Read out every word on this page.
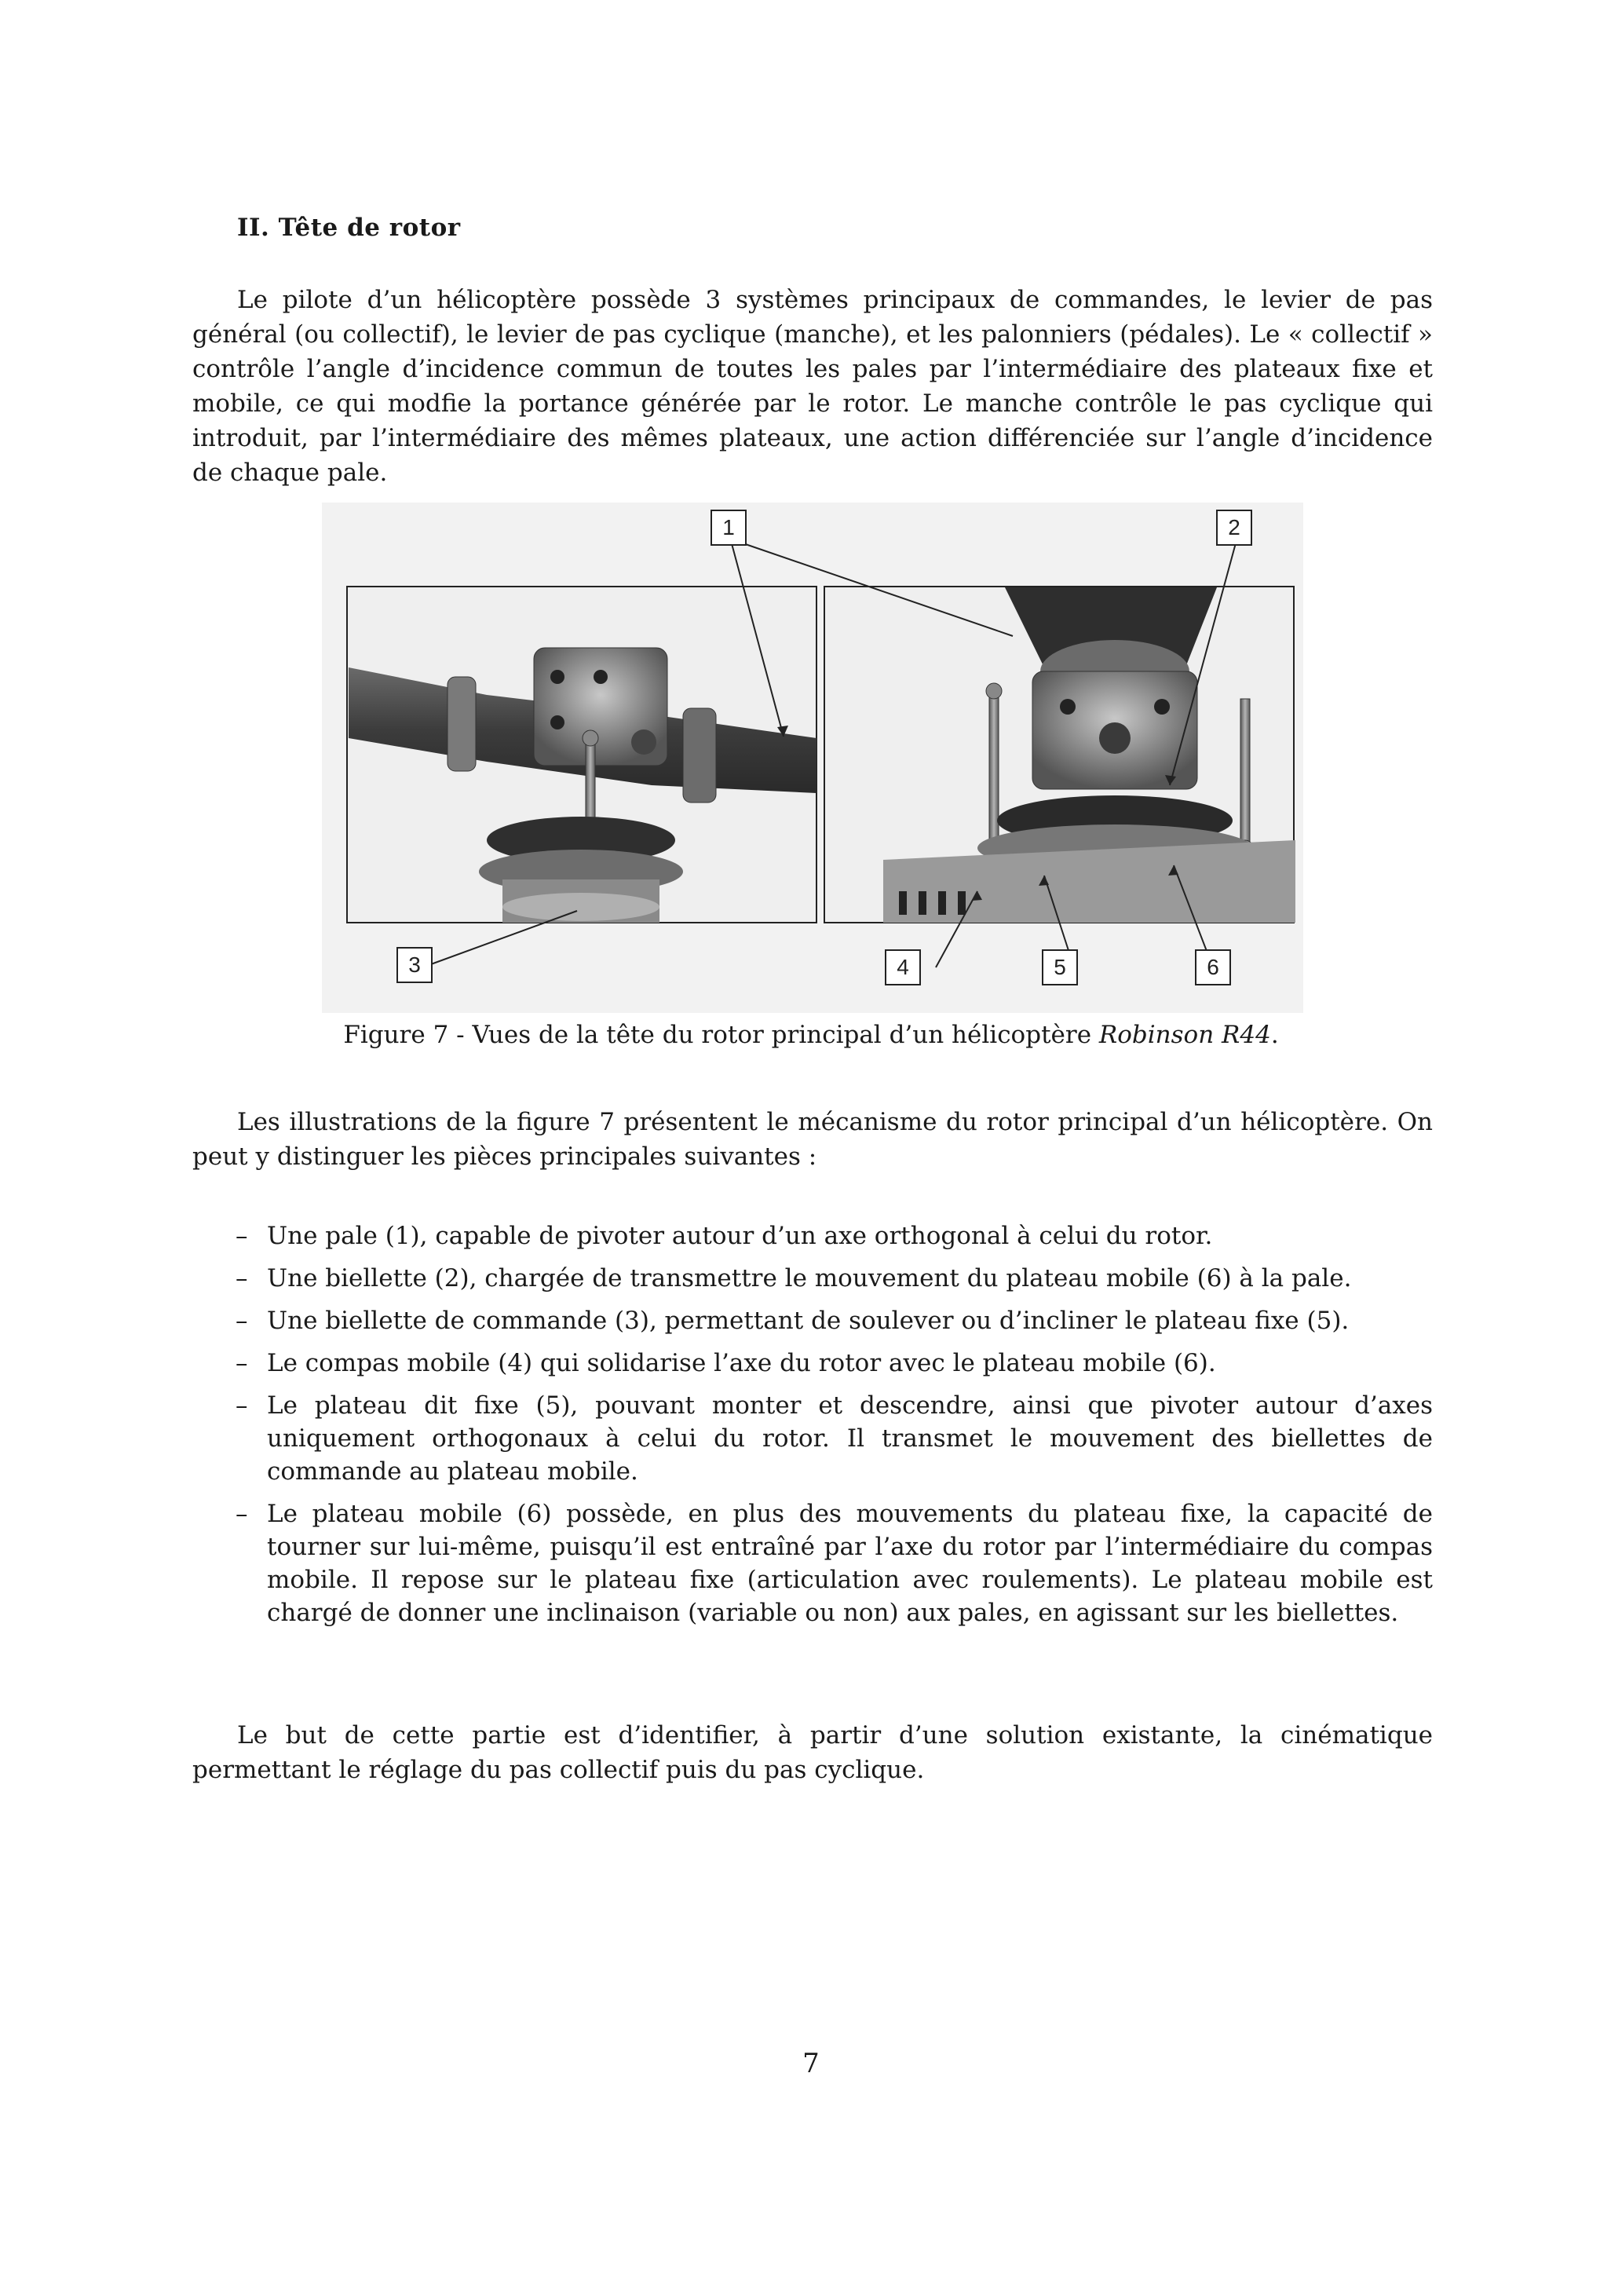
II. Tête de rotor

Le pilote d’un hélicoptère possède 3 systèmes principaux de commandes, le levier de pas général (ou collectif), le levier de pas cyclique (manche), et les palonniers (pédales). Le « collectif » contrôle l’angle d’incidence commun de toutes les pales par l’intermédiaire des plateaux fixe et mobile, ce qui modfie la portance générée par le rotor. Le manche contrôle le pas cyclique qui introduit, par l’intermédiaire des mêmes plateaux, une action différenciée sur l’angle d’incidence de chaque pale.

1	2
3	4	5	6
Figure 7 - Vues de la tête du rotor principal d’un hélicoptère Robinson R44.

Les illustrations de la figure 7 présentent le mécanisme du rotor principal d’un hélicoptère. On peut y distinguer les pièces principales suivantes :

– Une pale (1), capable de pivoter autour d’un axe orthogonal à celui du rotor.
– Une biellette (2), chargée de transmettre le mouvement du plateau mobile (6) à la pale.
– Une biellette de commande (3), permettant de soulever ou d’incliner le plateau fixe (5).
– Le compas mobile (4) qui solidarise l’axe du rotor avec le plateau mobile (6).
– Le plateau dit fixe (5), pouvant monter et descendre, ainsi que pivoter autour d’axes uniquement orthogonaux à celui du rotor. Il transmet le mouvement des biellettes de commande au plateau mobile.
– Le plateau mobile (6) possède, en plus des mouvements du plateau fixe, la capacité de tourner sur lui-même, puisqu’il est entraîné par l’axe du rotor par l’intermédiaire du compas mobile. Il repose sur le plateau fixe (articulation avec roulements). Le plateau mobile est chargé de donner une inclinaison (variable ou non) aux pales, en agissant sur les biellettes.

Le but de cette partie est d’identifier, à partir d’une solution existante, la cinématique permettant le réglage du pas collectif puis du pas cyclique.

7
